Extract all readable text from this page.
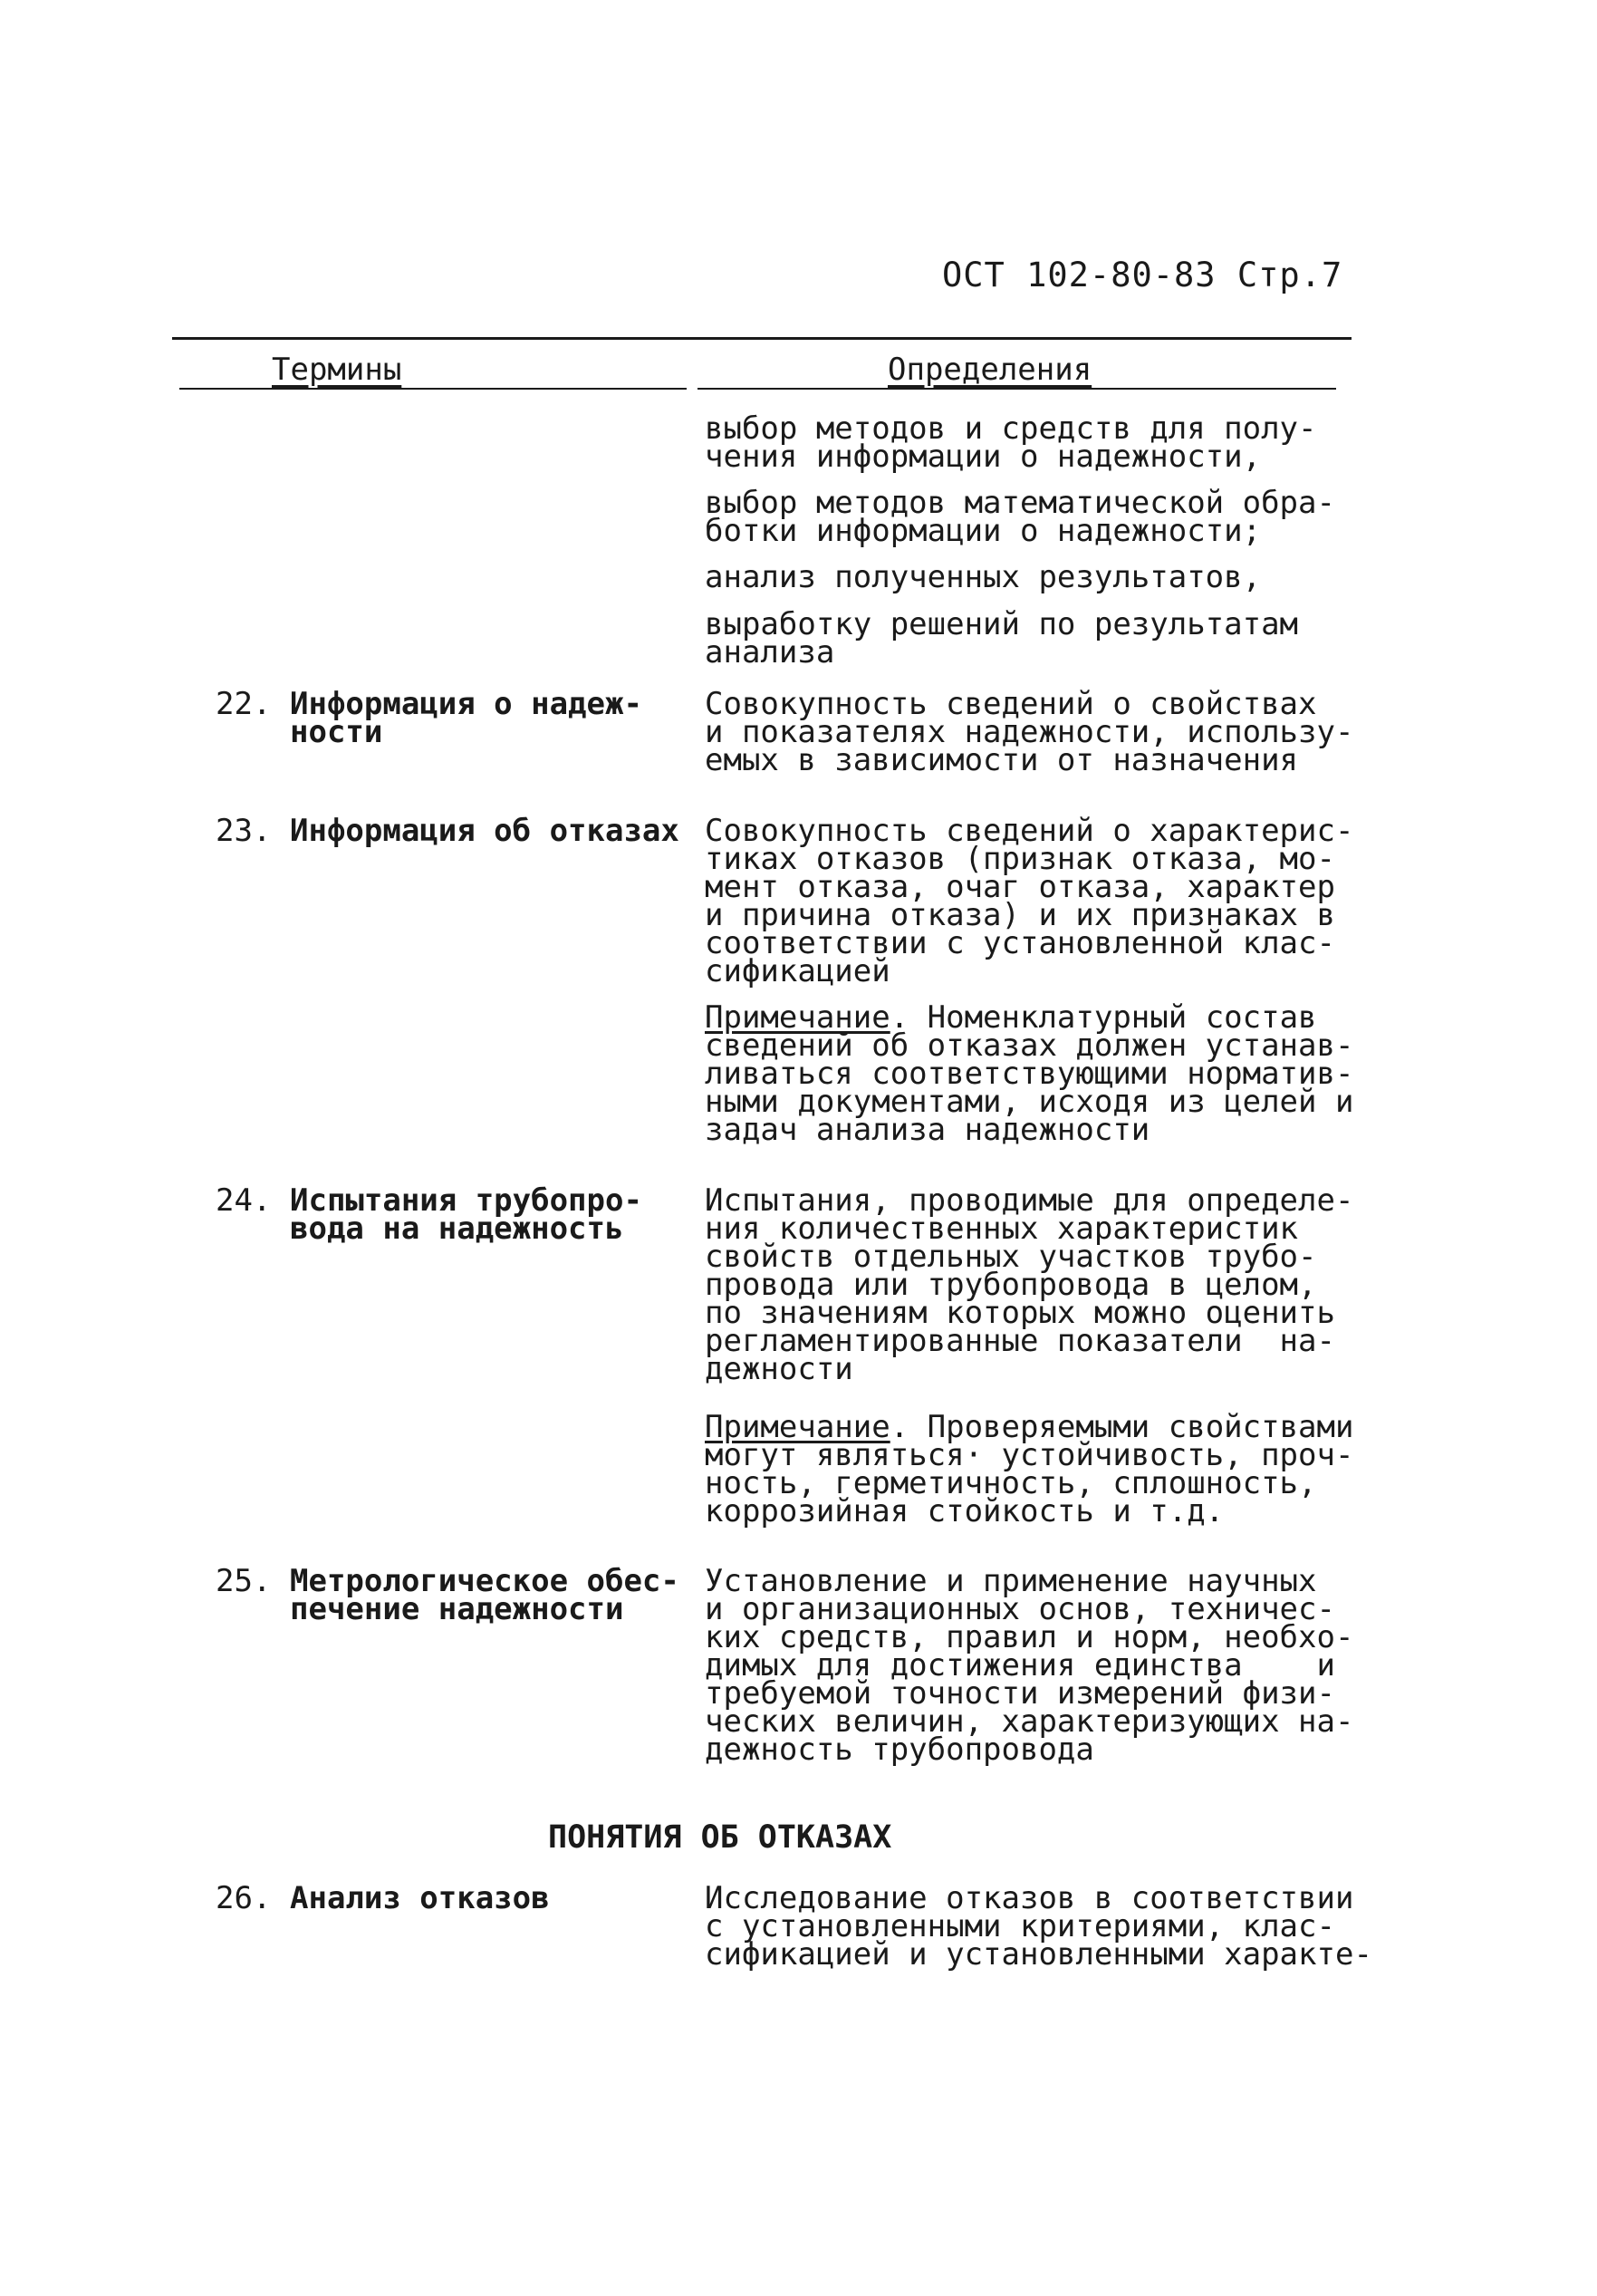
ОСТ 102-80-83 Стр.7
Термины	Определения
выбор методов и средств для полу-
чения информации о надежности,
выбор методов математической обра-
ботки информации о надежности;
анализ полученных результатов,
выработку решений по результатам
анализа
22. Информация о надеж-
ности
Совокупность сведений о свойствах
и показателях надежности, использу-
емых в зависимости от назначения
23. Информация об отказах Совокупность сведений о характерис-
тиках отказов (признак отказа, мо-
мент отказа, очаг отказа, характер
и причина отказа) и их признаках в
соответствии с установленной клас-
сификацией
Примечание. Номенклатурный состав
сведений об отказах должен устанав-
ливаться соответствующими норматив-
ными документами, исходя из целей и
задач анализа надежности
24. Испытания трубопро-
вода на надежность
Испытания, проводимые для определе-
ния количественных характеристик
свойств отдельных участков трубо-
провода или трубопровода в целом,
по значениям которых можно оценить
регламентированные показатели  на-
дежности
Примечание. Проверяемыми свойствами
могут являться· устойчивость, проч-
ность, герметичность, сплошность,
коррозийная стойкость и т.д.
25. Метрологическое обес-
печение надежности
Установление и применение научных
и организационных основ, техничес-
ких средств, правил и норм, необхо-
димых для достижения единства    и
требуемой точности измерений физи-
ческих величин, характеризующих на-
дежность трубопровода
ПОНЯТИЯ ОБ ОТКАЗАХ
26. Анализ отказов	Исследование отказов в соответствии
с установленными критериями, клас-
сификацией и установленными характе-
